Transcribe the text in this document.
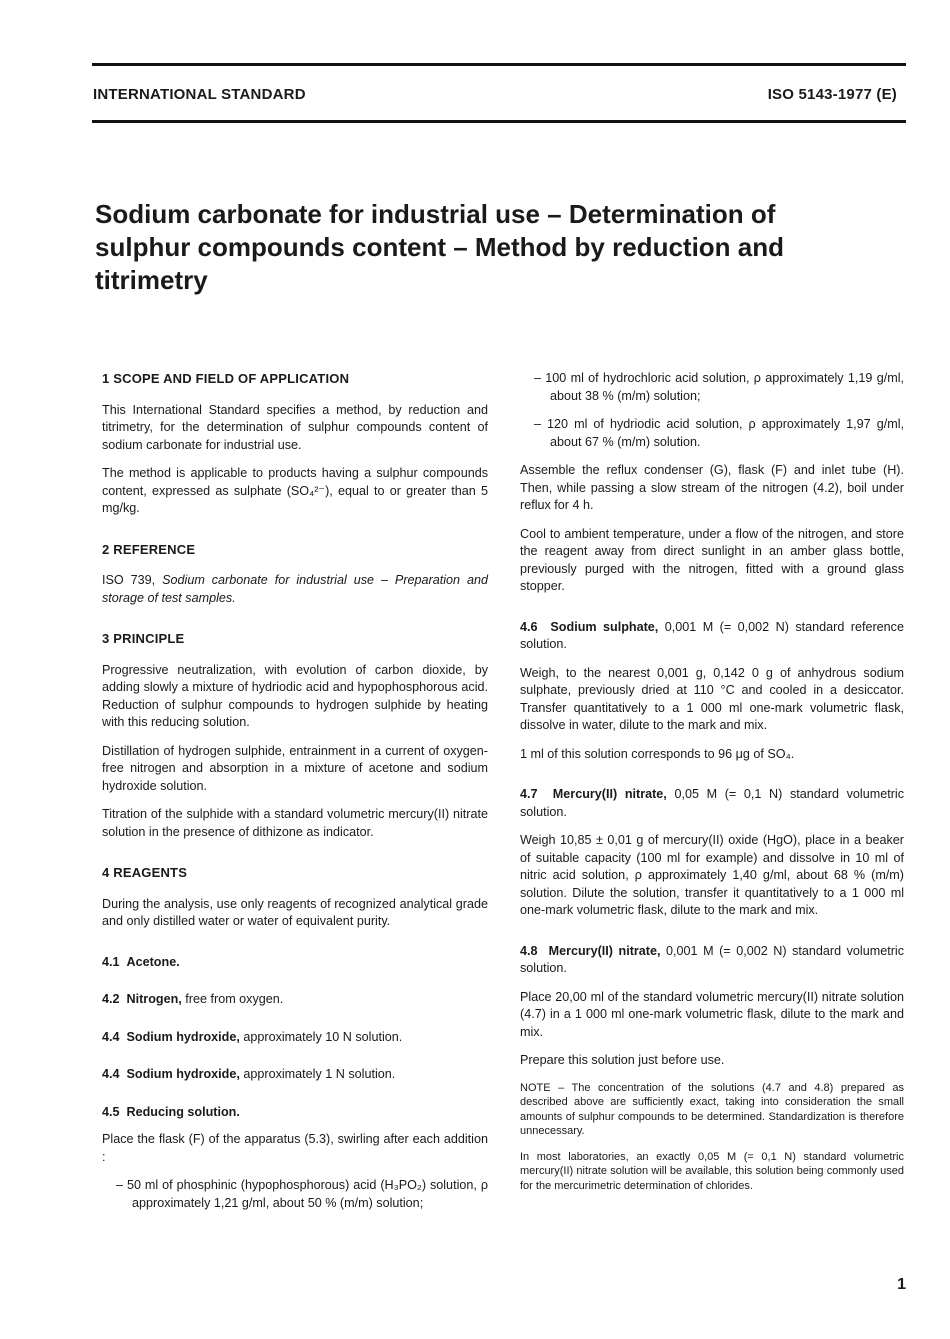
INTERNATIONAL STANDARD	ISO 5143-1977 (E)
Sodium carbonate for industrial use – Determination of sulphur compounds content – Method by reduction and titrimetry
1 SCOPE AND FIELD OF APPLICATION

This International Standard specifies a method, by reduction and titrimetry, for the determination of sulphur compounds content of sodium carbonate for industrial use.

The method is applicable to products having a sulphur compounds content, expressed as sulphate (SO₄²⁻), equal to or greater than 5 mg/kg.

2 REFERENCE

ISO 739, Sodium carbonate for industrial use – Preparation and storage of test samples.

3 PRINCIPLE

Progressive neutralization, with evolution of carbon dioxide, by adding slowly a mixture of hydriodic acid and hypophosphorous acid. Reduction of sulphur compounds to hydrogen sulphide by heating with this reducing solution.

Distillation of hydrogen sulphide, entrainment in a current of oxygen-free nitrogen and absorption in a mixture of acetone and sodium hydroxide solution.

Titration of the sulphide with a standard volumetric mercury(II) nitrate solution in the presence of dithizone as indicator.

4 REAGENTS

During the analysis, use only reagents of recognized analytical grade and only distilled water or water of equivalent purity.

4.1 Acetone.
4.2 Nitrogen, free from oxygen.
4.4 Sodium hydroxide, approximately 10 N solution.
4.4 Sodium hydroxide, approximately 1 N solution.
4.5 Reducing solution.

Place the flask (F) of the apparatus (5.3), swirling after each addition :

– 50 ml of phosphinic (hypophosphorous) acid (H₃PO₂) solution, ρ approximately 1,21 g/ml, about 50 % (m/m) solution;

– 100 ml of hydrochloric acid solution, ρ approximately 1,19 g/ml, about 38 % (m/m) solution;

– 120 ml of hydriodic acid solution, ρ approximately 1,97 g/ml, about 67 % (m/m) solution.

Assemble the reflux condenser (G), flask (F) and inlet tube (H). Then, while passing a slow stream of the nitrogen (4.2), boil under reflux for 4 h.

Cool to ambient temperature, under a flow of the nitrogen, and store the reagent away from direct sunlight in an amber glass bottle, previously purged with the nitrogen, fitted with a ground glass stopper.

4.6 Sodium sulphate, 0,001 M (= 0,002 N) standard reference solution.

Weigh, to the nearest 0,001 g, 0,142 0 g of anhydrous sodium sulphate, previously dried at 110 °C and cooled in a desiccator. Transfer quantitatively to a 1 000 ml one-mark volumetric flask, dissolve in water, dilute to the mark and mix.

1 ml of this solution corresponds to 96 μg of SO₄.

4.7 Mercury(II) nitrate, 0,05 M (= 0,1 N) standard volumetric solution.

Weigh 10,85 ± 0,01 g of mercury(II) oxide (HgO), place in a beaker of suitable capacity (100 ml for example) and dissolve in 10 ml of nitric acid solution, ρ approximately 1,40 g/ml, about 68 % (m/m) solution. Dilute the solution, transfer it quantitatively to a 1 000 ml one-mark volumetric flask, dilute to the mark and mix.

4.8 Mercury(II) nitrate, 0,001 M (= 0,002 N) standard volumetric solution.

Place 20,00 ml of the standard volumetric mercury(II) nitrate solution (4.7) in a 1 000 ml one-mark volumetric flask, dilute to the mark and mix.

Prepare this solution just before use.

NOTE – The concentration of the solutions (4.7 and 4.8) prepared as described above are sufficiently exact, taking into consideration the small amounts of sulphur compounds to be determined. Standardization is therefore unnecessary.

In most laboratories, an exactly 0,05 M (= 0,1 N) standard volumetric mercury(II) nitrate solution will be available, this solution being commonly used for the mercurimetric determination of chlorides.

1
